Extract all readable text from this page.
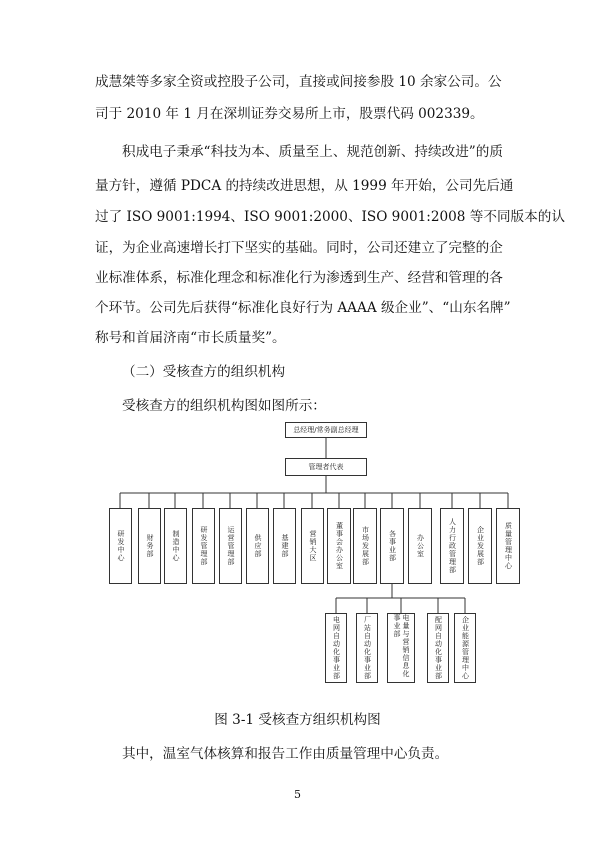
成慧桀等多家全资或控股子公司，直接或间接参股 10 余家公司。公
司于 2010 年 1 月在深圳证券交易所上市，股票代码 002339。
积成电子秉承“科技为本、质量至上、规范创新、持续改进”的质
量方针，遵循 PDCA 的持续改进思想，从 1999 年开始，公司先后通
过了 ISO 9001:1994、ISO 9001:2000、ISO 9001:2008 等不同版本的认
证，为企业高速增长打下坚实的基础。同时，公司还建立了完整的企
业标准体系，标准化理念和标准化行为渗透到生产、经营和管理的各
个环节。公司先后获得“标准化良好行为 AAAA 级企业”、“山东名牌”
称号和首届济南“市长质量奖”。
（二）受核查方的组织机构
受核查方的组织机构图如图所示：
总经理/常务副总经理
管理者代表
研发中心	财务部	制造中心	研发管理部	运营管理部	供应部	基建部	营销大区	董事会办公室	市场发展部	各事业部	办公室	人力行政管理部	企业发展部	质量管理中心
电网自动化事业部	厂站自动化事业部	电量与营销信息化事业部	配网自动化事业部	企业能源管理中心
图 3-1 受核查方组织机构图
其中，温室气体核算和报告工作由质量管理中心负责。
5
